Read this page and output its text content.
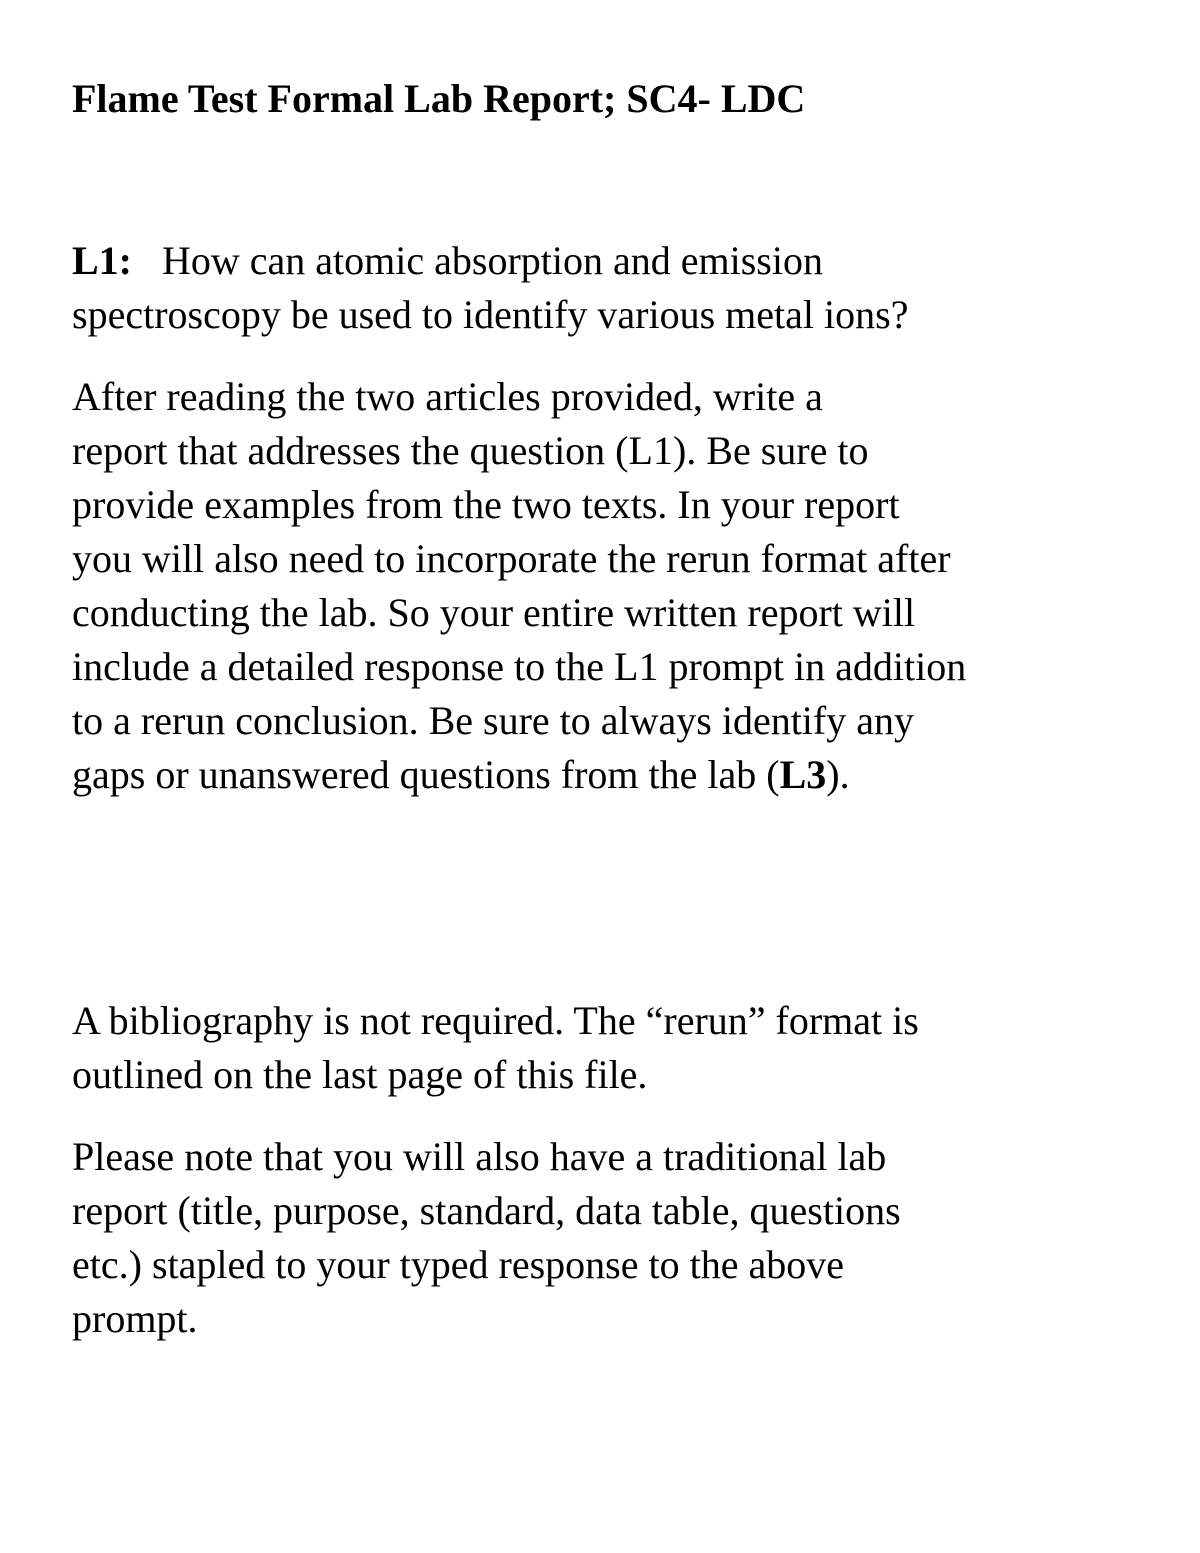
Flame Test Formal Lab Report; SC4- LDC

L1: How can atomic absorption and emission
spectroscopy be used to identify various metal ions?

After reading the two articles provided, write a
report that addresses the question (L1). Be sure to
provide examples from the two texts. In your report
you will also need to incorporate the rerun format after
conducting the lab. So your entire written report will
include a detailed response to the L1 prompt in addition
to a rerun conclusion. Be sure to always identify any
gaps or unanswered questions from the lab (L3).

A bibliography is not required. The “rerun” format is
outlined on the last page of this file.

Please note that you will also have a traditional lab
report (title, purpose, standard, data table, questions
etc.) stapled to your typed response to the above
prompt.
